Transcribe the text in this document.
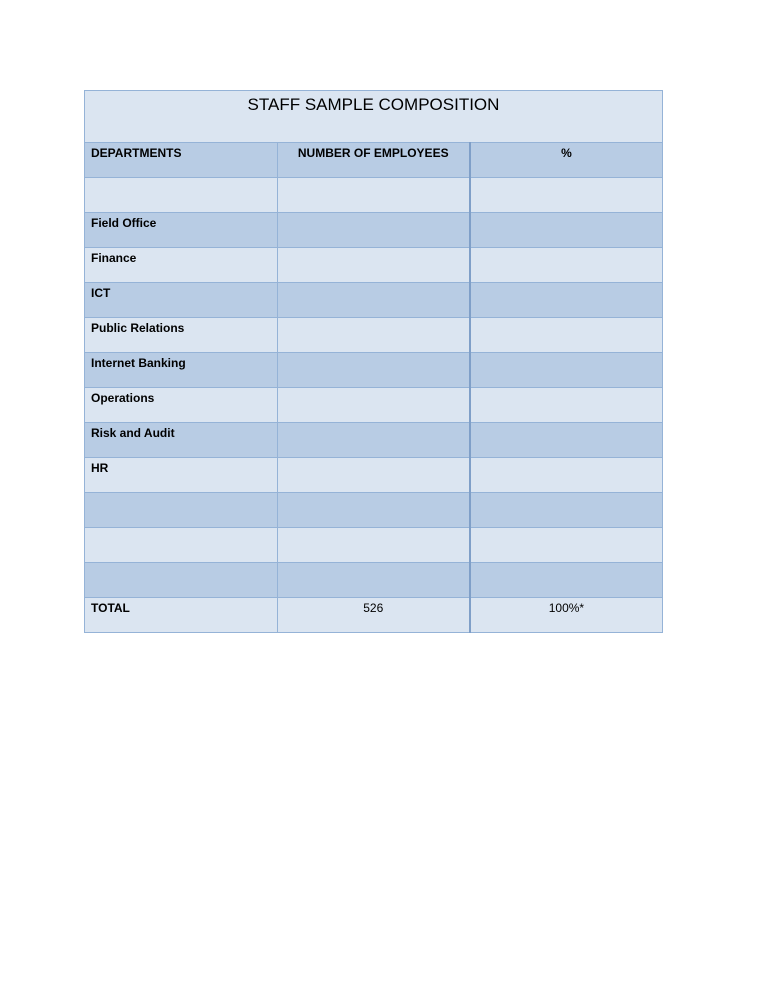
STAFF SAMPLE COMPOSITION		
DEPARTMENTS	NUMBER OF EMPLOYEES	%

Field Office		
Finance		
ICT		
Public Relations		
Internet Banking		
Operations		
Risk and Audit		
HR		

TOTAL	526	100%*
